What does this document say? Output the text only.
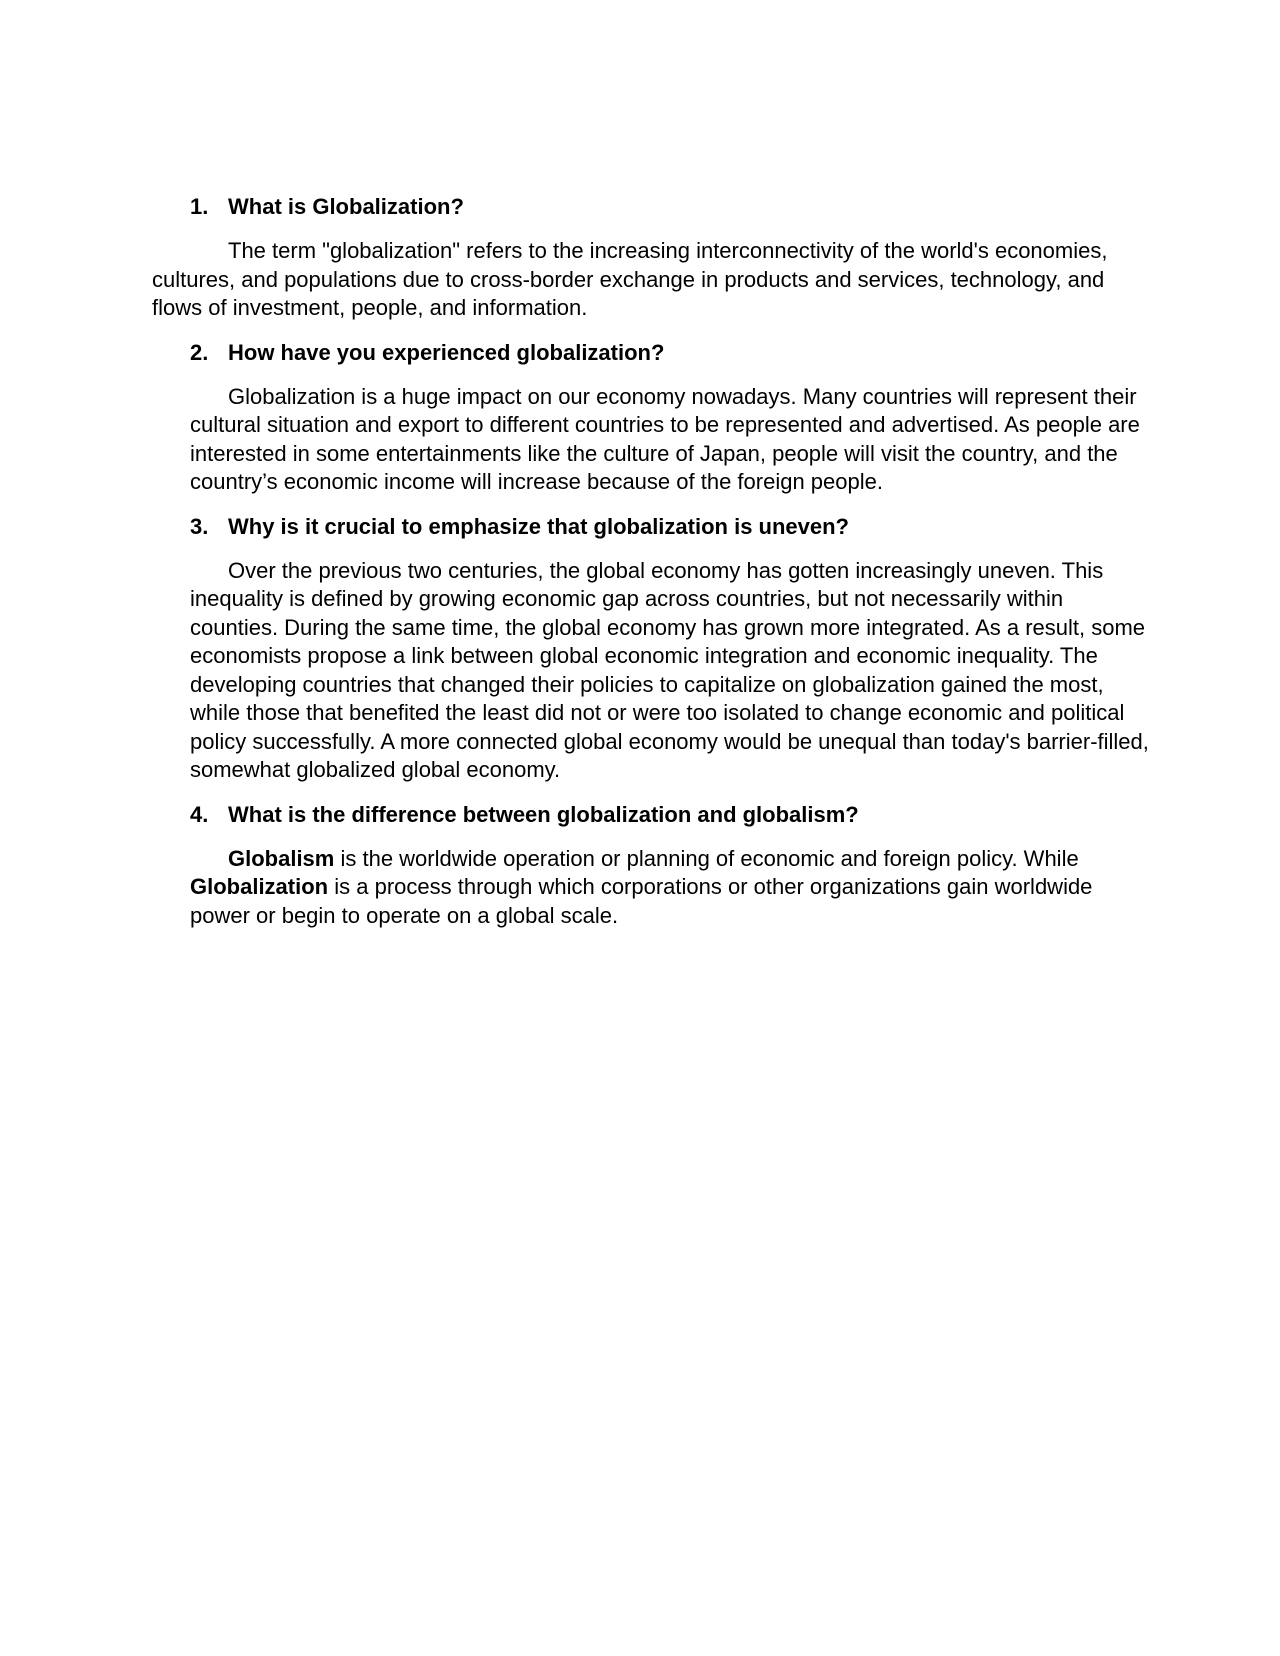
1. What is Globalization?

The term "globalization" refers to the increasing interconnectivity of the world's economies, cultures, and populations due to cross-border exchange in products and services, technology, and flows of investment, people, and information.

2. How have you experienced globalization?

Globalization is a huge impact on our economy nowadays. Many countries will represent their cultural situation and export to different countries to be represented and advertised. As people are interested in some entertainments like the culture of Japan, people will visit the country, and the country’s economic income will increase because of the foreign people.

3. Why is it crucial to emphasize that globalization is uneven?

Over the previous two centuries, the global economy has gotten increasingly uneven. This inequality is defined by growing economic gap across countries, but not necessarily within counties. During the same time, the global economy has grown more integrated. As a result, some economists propose a link between global economic integration and economic inequality. The developing countries that changed their policies to capitalize on globalization gained the most, while those that benefited the least did not or were too isolated to change economic and political policy successfully. A more connected global economy would be unequal than today's barrier-filled, somewhat globalized global economy.

4. What is the difference between globalization and globalism?

Globalism is the worldwide operation or planning of economic and foreign policy. While Globalization is a process through which corporations or other organizations gain worldwide power or begin to operate on a global scale.
